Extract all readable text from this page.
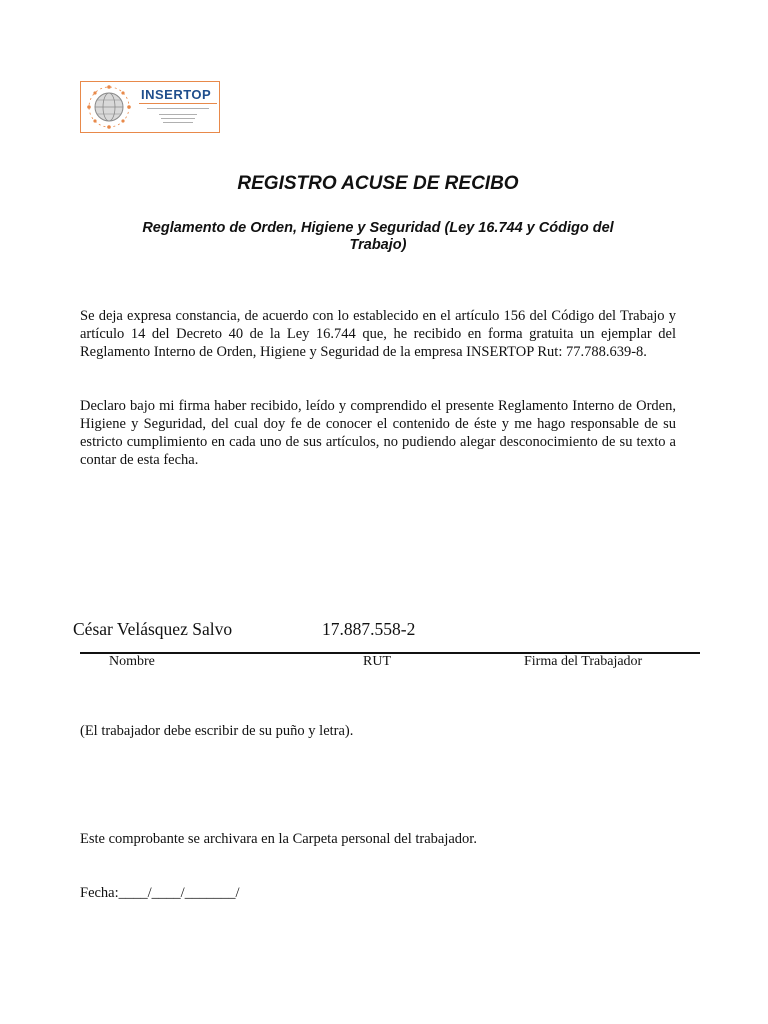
INSERTOP
REGISTRO ACUSE DE RECIBO
Reglamento de Orden, Higiene y Seguridad (Ley 16.744 y Código del Trabajo)
Se deja expresa constancia, de acuerdo con lo establecido en el artículo 156 del Código del Trabajo y artículo 14 del Decreto 40 de la Ley 16.744 que, he recibido en forma gratuita un ejemplar del Reglamento Interno de Orden, Higiene y Seguridad de la empresa INSERTOP Rut: 77.788.639-8.
Declaro bajo mi firma haber recibido, leído y comprendido el presente Reglamento Interno de Orden, Higiene y Seguridad, del cual doy fe de conocer el contenido de éste y me hago responsable de su estricto cumplimiento en cada uno de sus artículos, no pudiendo alegar desconocimiento de su texto a contar de esta fecha.
César Velásquez Salvo	17.887.558-2
Nombre	RUT	Firma del Trabajador
(El trabajador debe escribir de su puño y letra).
Este comprobante se archivara en la Carpeta personal del trabajador.
Fecha:____/____/_______/
